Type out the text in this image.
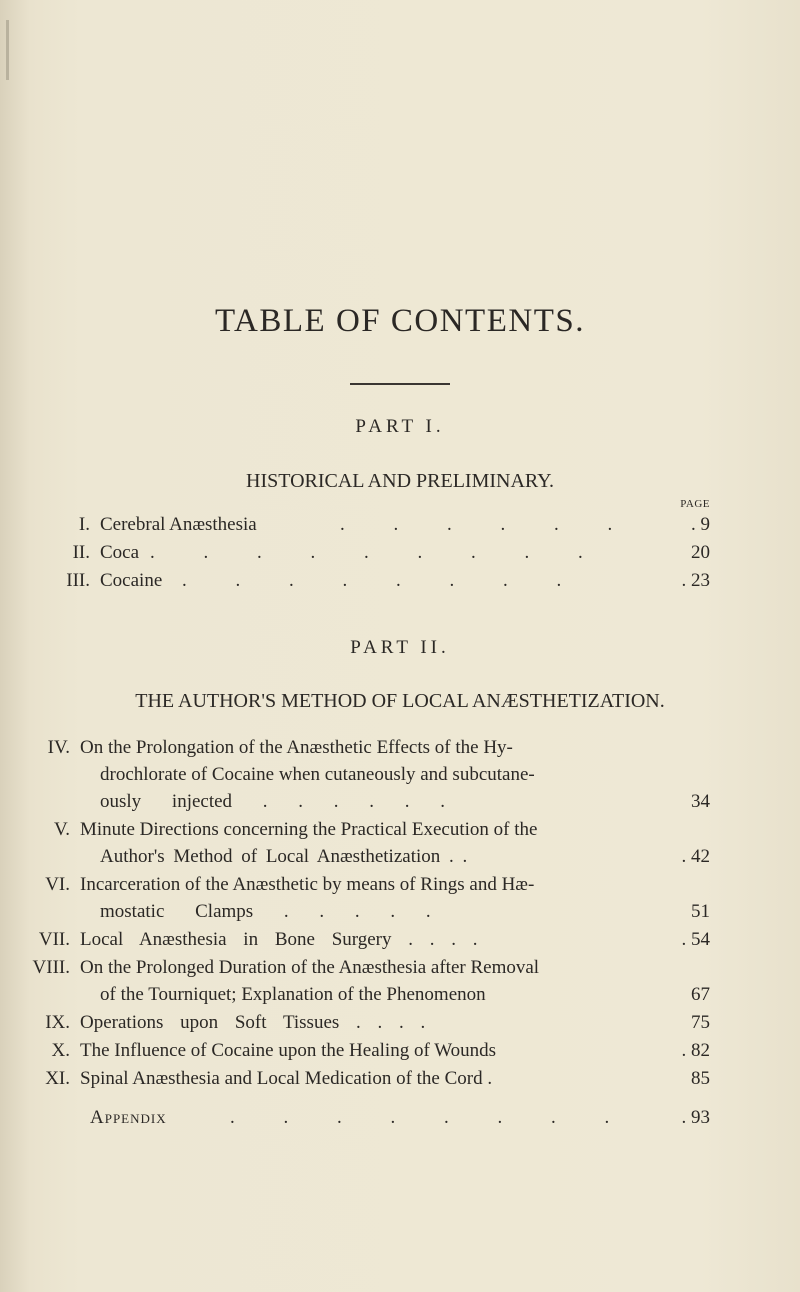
TABLE OF CONTENTS.
PART I.
HISTORICAL AND PRELIMINARY.
PAGE
I. Cerebral Anæsthesia	. . . . . .	. 9
II. Coca . . . . . . . . .	20
III. Cocaine . . . . . . . .	. 23
PART II.
THE AUTHOR'S METHOD OF LOCAL ANÆSTHETIZATION.
IV. On the Prolongation of the Anæsthetic Effects of the Hy-
drochlorate of Cocaine when cutaneously and subcutane-
ously injected . . . . . .	34
V. Minute Directions concerning the Practical Execution of the
Author's Method of Local Anæsthetization . .	. 42
VI. Incarceration of the Anæsthetic by means of Rings and Hæ-
mostatic Clamps . . . . .	51
VII. Local Anæsthesia in Bone Surgery . . . .	. 54
VIII. On the Prolonged Duration of the Anæsthesia after Removal
of the Tourniquet; Explanation of the Phenomenon	67
IX. Operations upon Soft Tissues . . . .	75
X. The Influence of Cocaine upon the Healing of Wounds	. 82
XI. Spinal Anæsthesia and Local Medication of the Cord .	85
Appendix	. . . . . . . .	. 93
